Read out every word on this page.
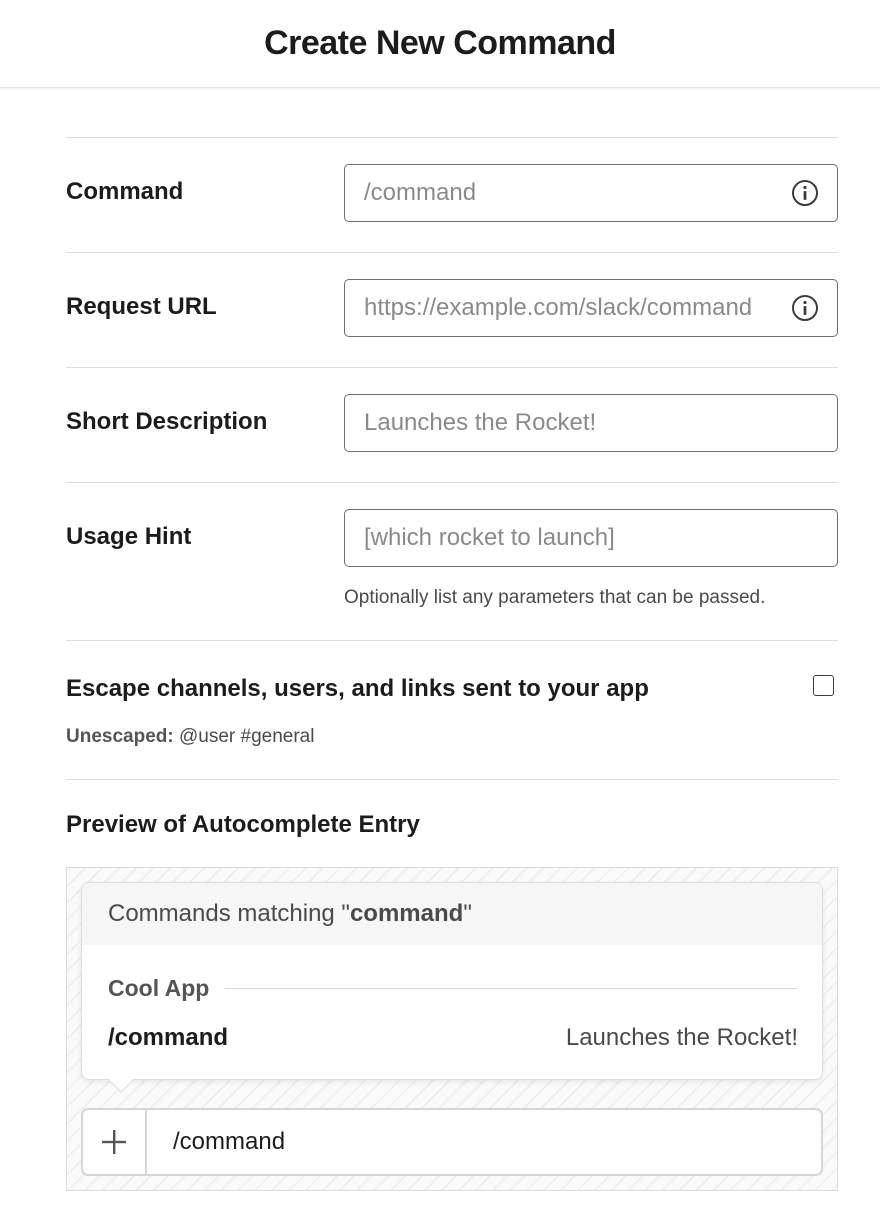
Create New Command
Command
/command
Request URL
https://example.com/slack/command
Short Description
Launches the Rocket!
Usage Hint
[which rocket to launch]
Optionally list any parameters that can be passed.
Escape channels, users, and links sent to your app
Unescaped: @user #general
Preview of Autocomplete Entry
Commands matching " command "
Cool App
/command	Launches the Rocket!
/command
